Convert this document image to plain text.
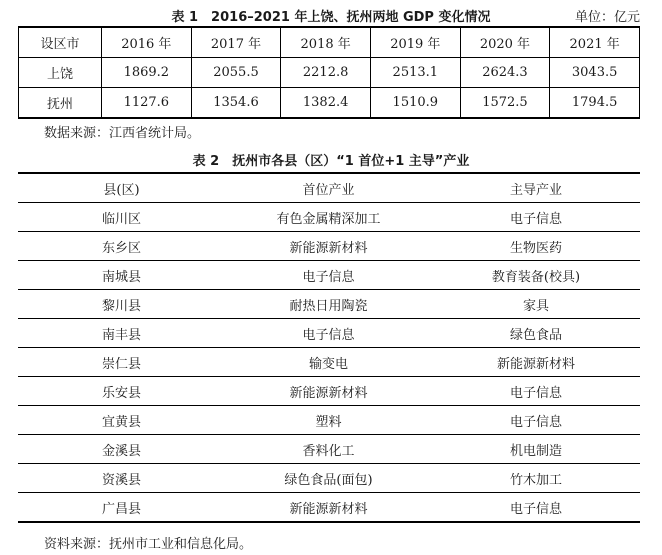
表 1　2016–2021 年上饶、抚州两地 GDP 变化情况	单位：亿元
设区市	2016 年	2017 年	2018 年	2019 年	2020 年	2021 年
上饶	1869.2	2055.5	2212.8	2513.1	2624.3	3043.5
抚州	1127.6	1354.6	1382.4	1510.9	1572.5	1794.5
数据来源：江西省统计局。
表 2　抚州市各县（区）“1 首位+1 主导”产业
县(区)	首位产业	主导产业
临川区	有色金属精深加工	电子信息
东乡区	新能源新材料	生物医药
南城县	电子信息	教育装备(校具)
黎川县	耐热日用陶瓷	家具
南丰县	电子信息	绿色食品
崇仁县	输变电	新能源新材料
乐安县	新能源新材料	电子信息
宜黄县	塑料	电子信息
金溪县	香料化工	机电制造
资溪县	绿色食品(面包)	竹木加工
广昌县	新能源新材料	电子信息
资料来源：抚州市工业和信息化局。
